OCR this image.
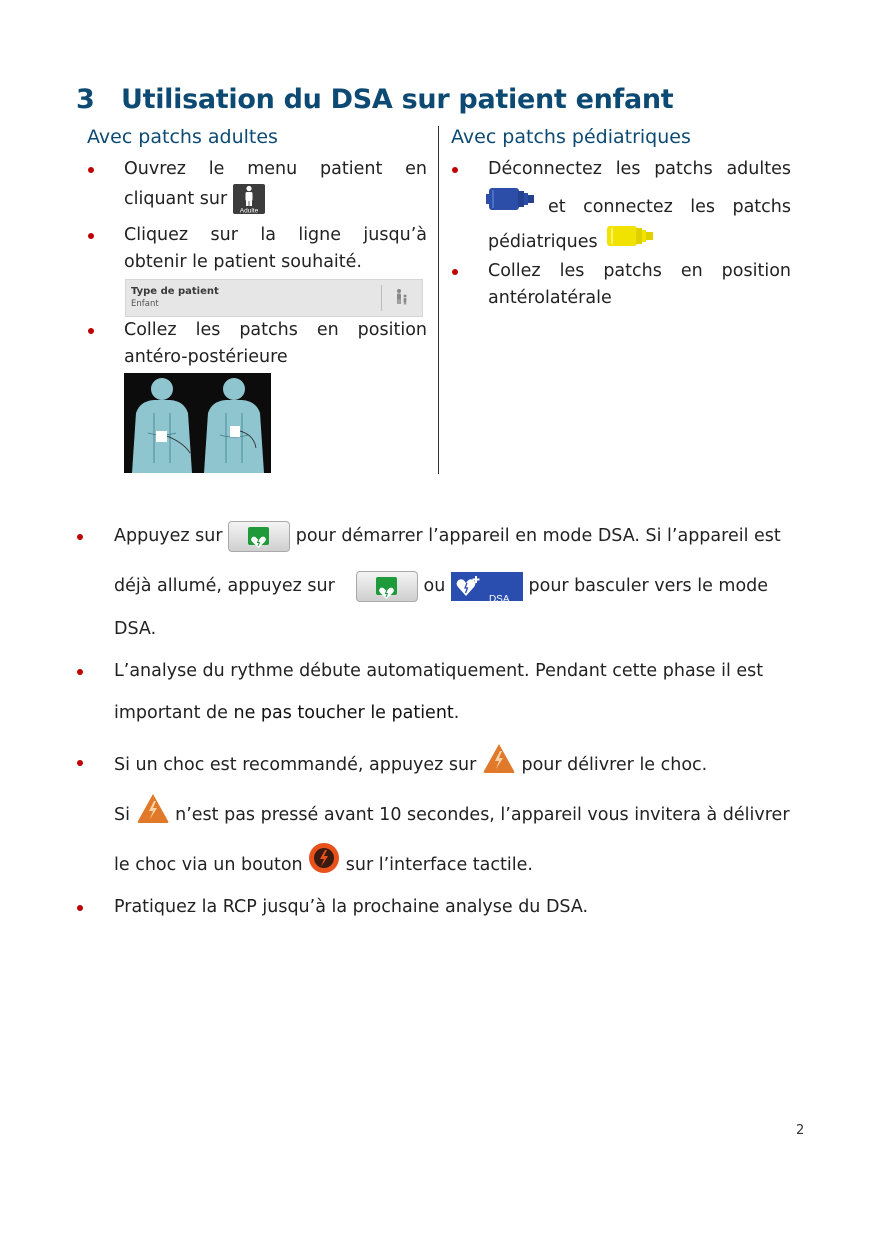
3 Utilisation du DSA sur patient enfant
Avec patchs adultes
Ouvrez le menu patient en
cliquant sur
Adulte
Cliquez sur la ligne jusqu’à
obtenir le patient souhaité.
Type de patient
Enfant
Collez les patchs en position
antéro-postérieure
Avec patchs pédiatriques
Déconnectez les patchs adultes
et connectez les patchs
pédiatriques
Collez les patchs en position
antérolatérale
Appuyez sur	pour démarrer l’appareil en mode DSA. Si l’appareil est
déjà allumé, appuyez sur	ou
DSA
pour basculer vers le mode
DSA.
L’analyse du rythme débute automatiquement. Pendant cette phase il est
important de ne pas toucher le patient.
Si un choc est recommandé, appuyez sur	pour délivrer le choc.
Si	n’est pas pressé avant 10 secondes, l’appareil vous invitera à délivrer
le choc via un bouton sur l’interface tactile.
Pratiquez la RCP jusqu’à la prochaine analyse du DSA.
2
